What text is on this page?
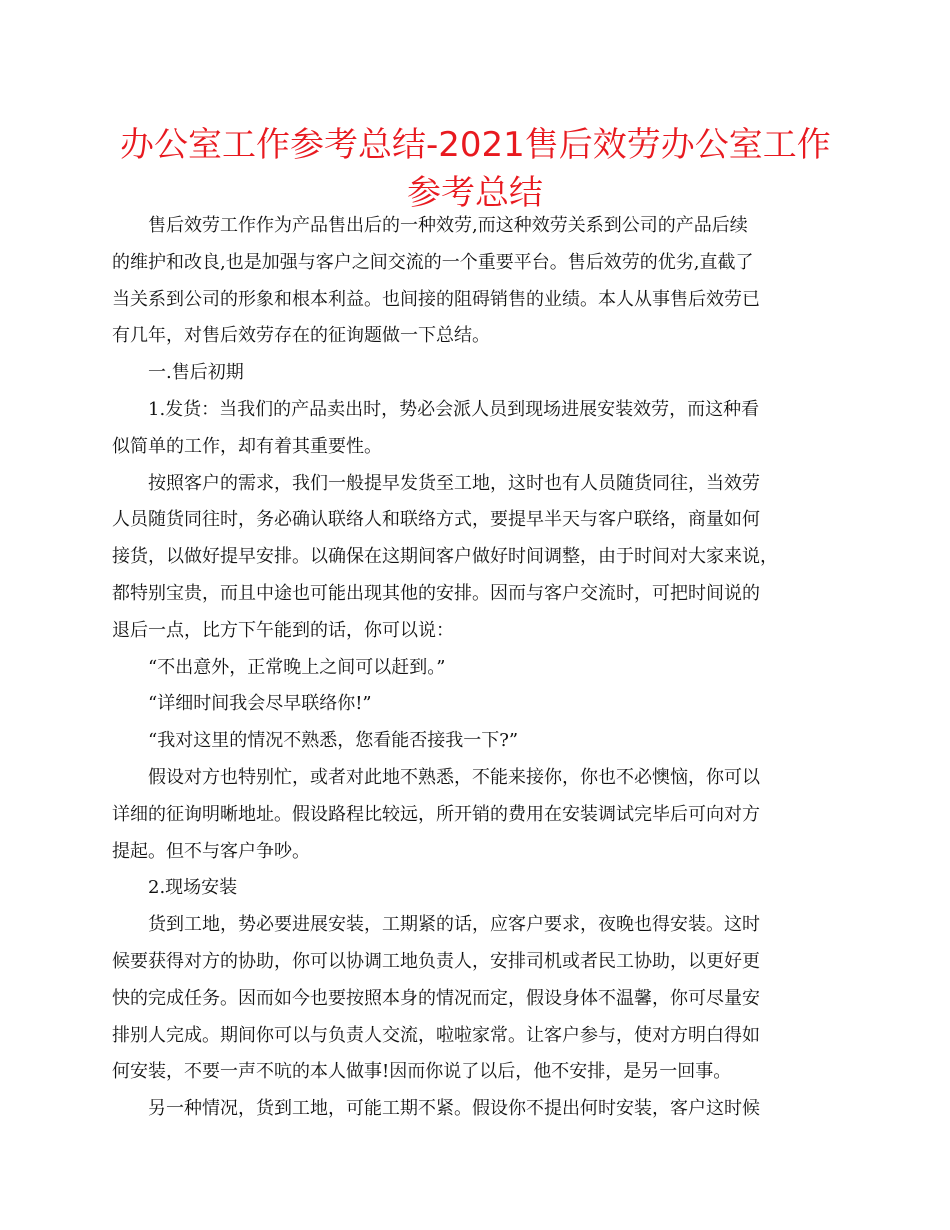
办公室工作参考总结-2021售后效劳办公室工作
参考总结

售后效劳工作作为产品售出后的一种效劳,而这种效劳关系到公司的产品后续
的维护和改良,也是加强与客户之间交流的一个重要平台。售后效劳的优劣,直截了
当关系到公司的形象和根本利益。也间接的阻碍销售的业绩。本人从事售后效劳已
有几年，对售后效劳存在的征询题做一下总结。

一.售后初期

1.发货：当我们的产品卖出时，势必会派人员到现场进展安装效劳，而这种看
似简单的工作，却有着其重要性。

按照客户的需求，我们一般提早发货至工地，这时也有人员随货同往，当效劳
人员随货同往时，务必确认联络人和联络方式，要提早半天与客户联络，商量如何
接货，以做好提早安排。以确保在这期间客户做好时间调整，由于时间对大家来说，
都特别宝贵，而且中途也可能出现其他的安排。因而与客户交流时，可把时间说的
退后一点，比方下午能到的话，你可以说：

“不出意外，正常晚上之间可以赶到。”

“详细时间我会尽早联络你!”

“我对这里的情况不熟悉，您看能否接我一下?”

假设对方也特别忙，或者对此地不熟悉，不能来接你，你也不必懊恼，你可以
详细的征询明晰地址。假设路程比较远，所开销的费用在安装调试完毕后可向对方
提起。但不与客户争吵。

2.现场安装

货到工地，势必要进展安装，工期紧的话，应客户要求，夜晚也得安装。这时
候要获得对方的协助，你可以协调工地负责人，安排司机或者民工协助，以更好更
快的完成任务。因而如今也要按照本身的情况而定，假设身体不温馨，你可尽量安
排别人完成。期间你可以与负责人交流，啦啦家常。让客户参与，使对方明白得如
何安装，不要一声不吭的本人做事!因而你说了以后，他不安排，是另一回事。

另一种情况，货到工地，可能工期不紧。假设你不提出何时安装，客户这时候
